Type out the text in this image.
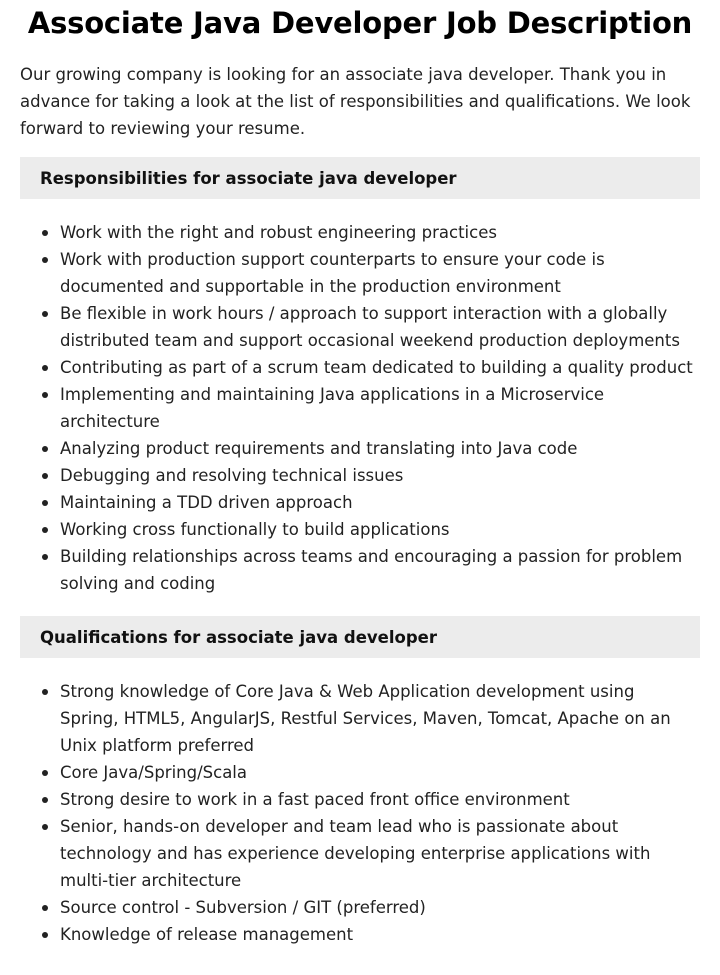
Associate Java Developer Job Description

Our growing company is looking for an associate java developer. Thank you in advance for taking a look at the list of responsibilities and qualifications. We look forward to reviewing your resume.

Responsibilities for associate java developer
Work with the right and robust engineering practices
Work with production support counterparts to ensure your code is documented and supportable in the production environment
Be flexible in work hours / approach to support interaction with a globally distributed team and support occasional weekend production deployments
Contributing as part of a scrum team dedicated to building a quality product
Implementing and maintaining Java applications in a Microservice architecture
Analyzing product requirements and translating into Java code
Debugging and resolving technical issues
Maintaining a TDD driven approach
Working cross functionally to build applications
Building relationships across teams and encouraging a passion for problem solving and coding
Qualifications for associate java developer
Strong knowledge of Core Java & Web Application development using Spring, HTML5, AngularJS, Restful Services, Maven, Tomcat, Apache on an Unix platform preferred
Core Java/Spring/Scala
Strong desire to work in a fast paced front office environment
Senior, hands-on developer and team lead who is passionate about technology and has experience developing enterprise applications with multi-tier architecture
Source control - Subversion / GIT (preferred)
Knowledge of release management
